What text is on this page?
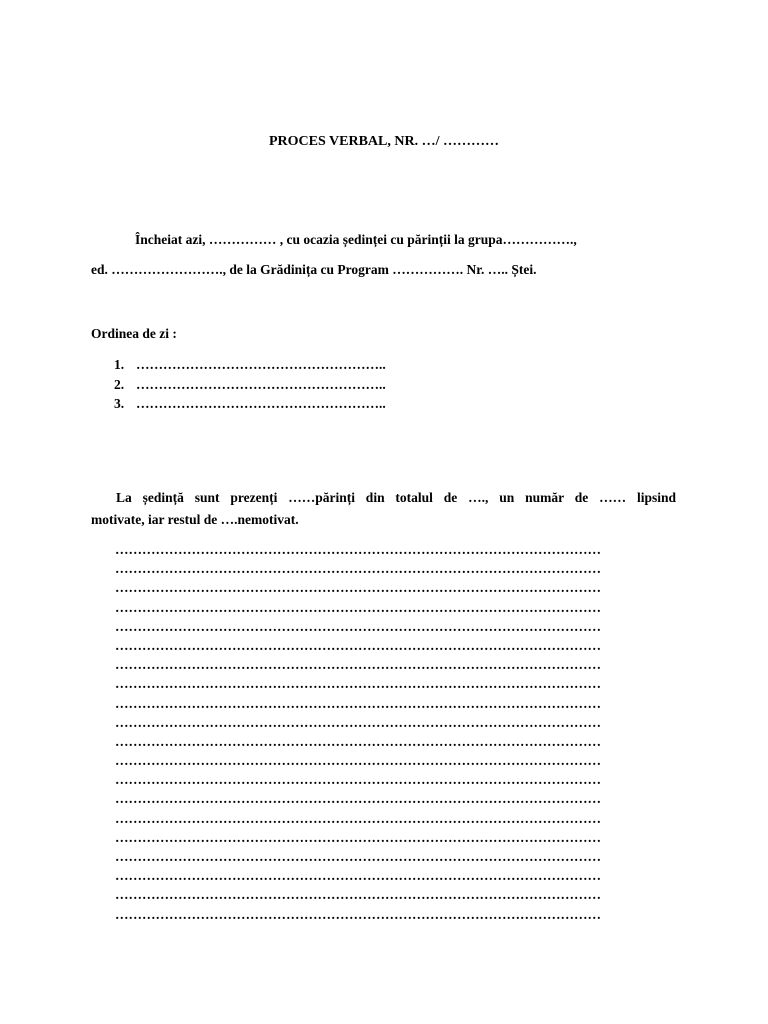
PROCES VERBAL, NR. …/ …………
Încheiat azi, …………… , cu ocazia ședinței cu părinții la grupa…………….,
ed. ……………………., de la Grădinița cu Program ……………. Nr. ….. Ștei.
Ordinea de zi :
1. ………………………………………………..
2. ………………………………………………..
3. ………………………………………………..
La ședință sunt prezenți ……părinți din totalul de …., un număr de …… lipsind
motivate, iar restul de ….nemotivat.
………………………………………………………………………………………………
………………………………………………………………………………………………
………………………………………………………………………………………………
………………………………………………………………………………………………
………………………………………………………………………………………………
………………………………………………………………………………………………
………………………………………………………………………………………………
………………………………………………………………………………………………
………………………………………………………………………………………………
………………………………………………………………………………………………
………………………………………………………………………………………………
………………………………………………………………………………………………
………………………………………………………………………………………………
………………………………………………………………………………………………
………………………………………………………………………………………………
………………………………………………………………………………………………
………………………………………………………………………………………………
………………………………………………………………………………………………
………………………………………………………………………………………………
………………………………………………………………………………………………
